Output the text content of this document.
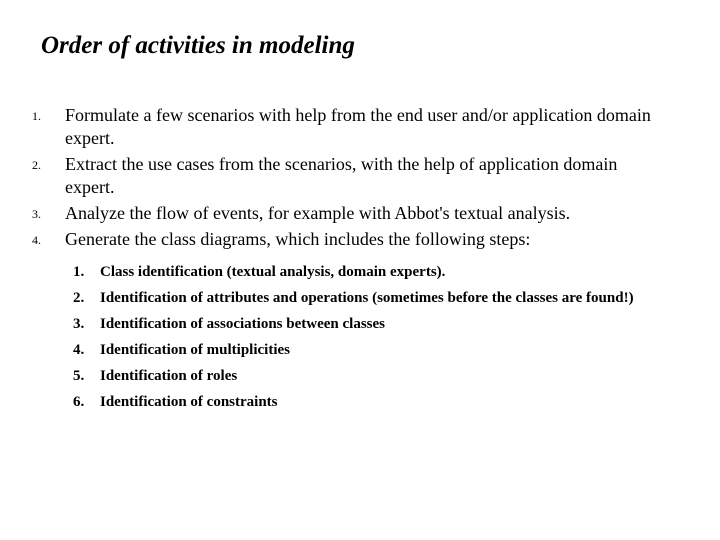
Order of activities in modeling
1. Formulate a few scenarios with help from the end user and/or application domain expert.
2. Extract the use cases from the scenarios, with the help of application domain expert.
3. Analyze the flow of events, for example with Abbot's textual analysis.
4. Generate the class diagrams, which includes the following steps:
1. Class identification (textual analysis, domain experts).
2. Identification of attributes and operations (sometimes before the classes are found!)
3. Identification of associations between classes
4. Identification of multiplicities
5. Identification of roles
6. Identification of constraints
